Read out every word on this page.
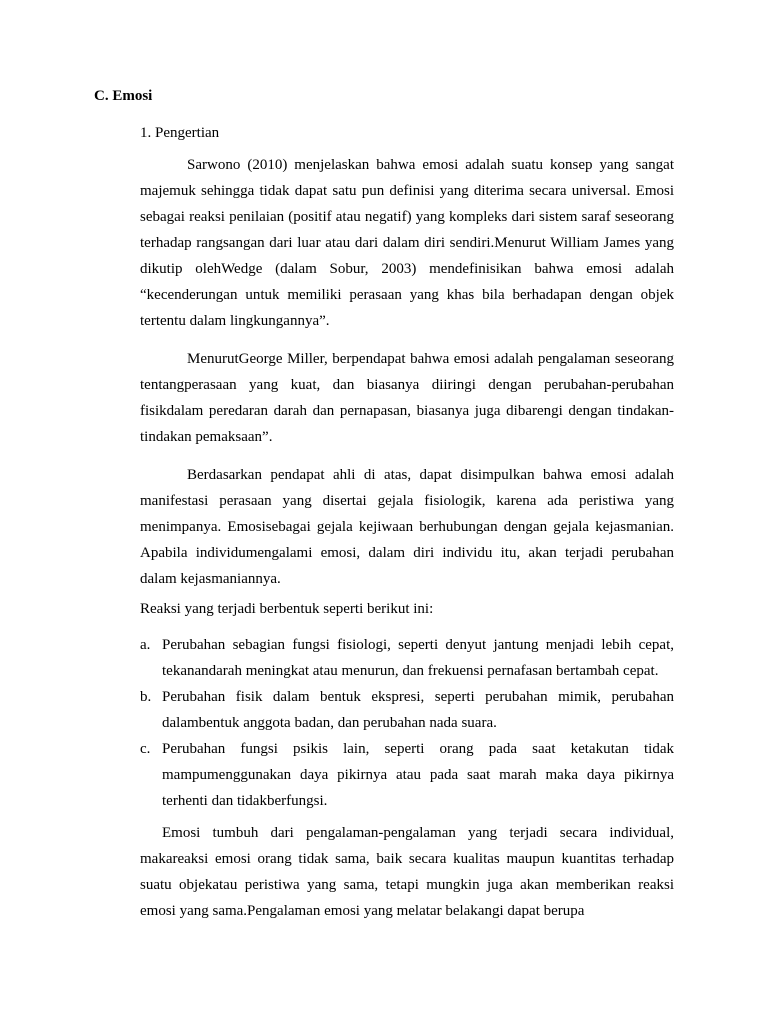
C. Emosi
1. Pengertian

Sarwono (2010) menjelaskan bahwa emosi adalah suatu konsep yang sangat majemuk sehingga tidak dapat satu pun definisi yang diterima secara universal. Emosi sebagai reaksi penilaian (positif atau negatif) yang kompleks dari sistem saraf seseorang terhadap rangsangan dari luar atau dari dalam diri sendiri.Menurut William James yang dikutip olehWedge (dalam Sobur, 2003) mendefinisikan bahwa emosi adalah “kecenderungan untuk memiliki perasaan yang khas bila berhadapan dengan objek tertentu dalam lingkungannya”.

MenurutGeorge Miller, berpendapat bahwa emosi adalah pengalaman seseorang tentangperasaan yang kuat, dan biasanya diiringi dengan perubahan-perubahan fisikdalam peredaran darah dan pernapasan, biasanya juga dibarengi dengan tindakan-tindakan pemaksaan”.

Berdasarkan pendapat ahli di atas, dapat disimpulkan bahwa emosi adalah manifestasi perasaan yang disertai gejala fisiologik, karena ada peristiwa yang menimpanya. Emosisebagai gejala kejiwaan berhubungan dengan gejala kejasmanian. Apabila individumengalami emosi, dalam diri individu itu, akan terjadi perubahan dalam kejasmaniannya.

Reaksi yang terjadi berbentuk seperti berikut ini:

a. Perubahan sebagian fungsi fisiologi, seperti denyut jantung menjadi lebih cepat, tekanandarah meningkat atau menurun, dan frekuensi pernafasan bertambah cepat.
b. Perubahan fisik dalam bentuk ekspresi, seperti perubahan mimik, perubahan dalambentuk anggota badan, dan perubahan nada suara.
c. Perubahan fungsi psikis lain, seperti orang pada saat ketakutan tidak mampumenggunakan daya pikirnya atau pada saat marah maka daya pikirnya terhenti dan tidakberfungsi.

Emosi tumbuh dari pengalaman-pengalaman yang terjadi secara individual, makareaksi emosi orang tidak sama, baik secara kualitas maupun kuantitas terhadap suatu objekatau peristiwa yang sama, tetapi mungkin juga akan memberikan reaksi emosi yang sama.Pengalaman emosi yang melatar belakangi dapat berupa
